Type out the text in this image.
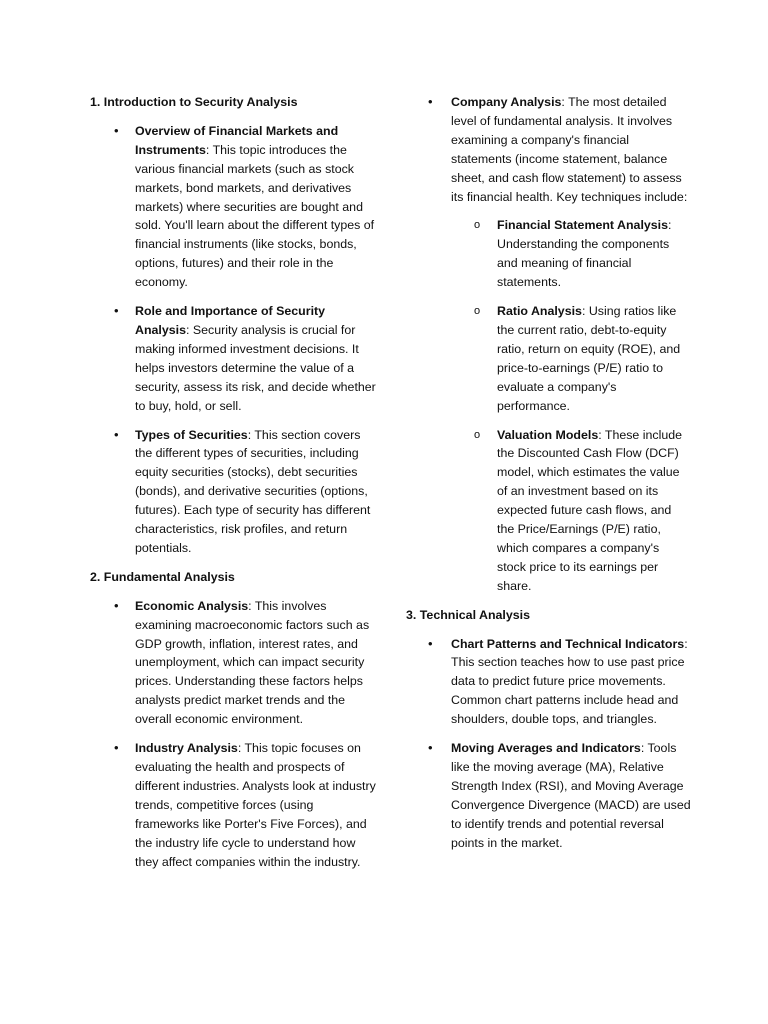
1. Introduction to Security Analysis
• Overview of Financial Markets and Instruments: This topic introduces the various financial markets (such as stock markets, bond markets, and derivatives markets) where securities are bought and sold. You'll learn about the different types of financial instruments (like stocks, bonds, options, futures) and their role in the economy.
• Role and Importance of Security Analysis: Security analysis is crucial for making informed investment decisions. It helps investors determine the value of a security, assess its risk, and decide whether to buy, hold, or sell.
• Types of Securities: This section covers the different types of securities, including equity securities (stocks), debt securities (bonds), and derivative securities (options, futures). Each type of security has different characteristics, risk profiles, and return potentials.
2. Fundamental Analysis
• Economic Analysis: This involves examining macroeconomic factors such as GDP growth, inflation, interest rates, and unemployment, which can impact security prices. Understanding these factors helps analysts predict market trends and the overall economic environment.
• Industry Analysis: This topic focuses on evaluating the health and prospects of different industries. Analysts look at industry trends, competitive forces (using frameworks like Porter's Five Forces), and the industry life cycle to understand how they affect companies within the industry.
• Company Analysis: The most detailed level of fundamental analysis. It involves examining a company's financial statements (income statement, balance sheet, and cash flow statement) to assess its financial health. Key techniques include:
o Financial Statement Analysis: Understanding the components and meaning of financial statements.
o Ratio Analysis: Using ratios like the current ratio, debt-to-equity ratio, return on equity (ROE), and price-to-earnings (P/E) ratio to evaluate a company's performance.
o Valuation Models: These include the Discounted Cash Flow (DCF) model, which estimates the value of an investment based on its expected future cash flows, and the Price/Earnings (P/E) ratio, which compares a company's stock price to its earnings per share.
3. Technical Analysis
• Chart Patterns and Technical Indicators: This section teaches how to use past price data to predict future price movements. Common chart patterns include head and shoulders, double tops, and triangles.
• Moving Averages and Indicators: Tools like the moving average (MA), Relative Strength Index (RSI), and Moving Average Convergence Divergence (MACD) are used to identify trends and potential reversal points in the market.
